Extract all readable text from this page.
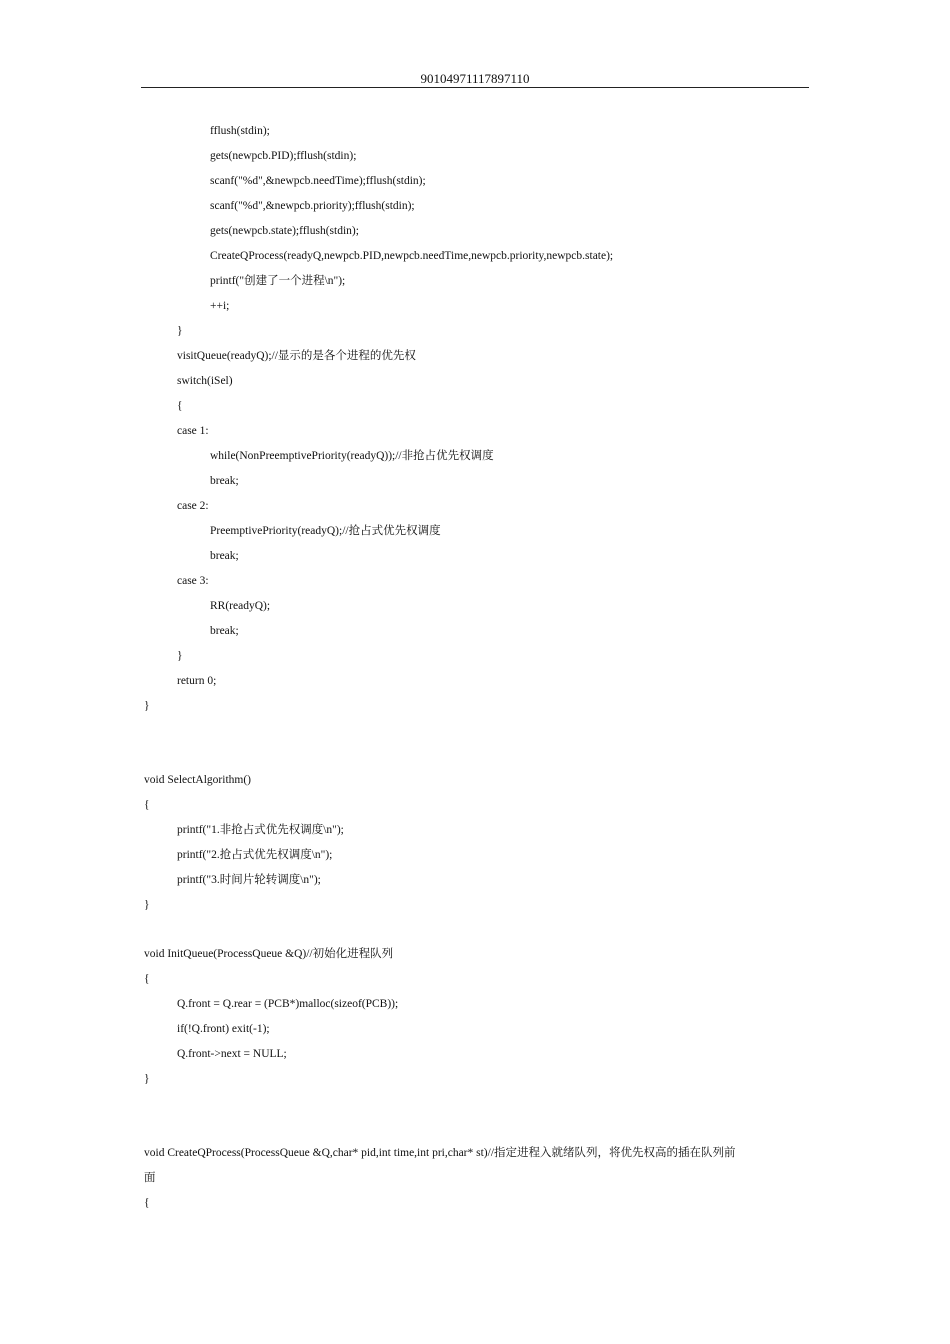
90104971117897110
fflush(stdin);
gets(newpcb.PID);fflush(stdin);
scanf("%d",&newpcb.needTime);fflush(stdin);
scanf("%d",&newpcb.priority);fflush(stdin);
gets(newpcb.state);fflush(stdin);
CreateQProcess(readyQ,newpcb.PID,newpcb.needTime,newpcb.priority,newpcb.state);
printf("创建了一个进程\n");
++i;
}
visitQueue(readyQ);//显示的是各个进程的优先权
switch(iSel)
{
case 1:
while(NonPreemptivePriority(readyQ));//非抢占优先权调度
break;
case 2:
PreemptivePriority(readyQ);//抢占式优先权调度
break;
case 3:
RR(readyQ);
break;
}
return 0;
}
void SelectAlgorithm()
{
printf("1.非抢占式优先权调度\n");
printf("2.抢占式优先权调度\n");
printf("3.时间片轮转调度\n");
}
void InitQueue(ProcessQueue &Q)//初始化进程队列
{
Q.front = Q.rear = (PCB*)malloc(sizeof(PCB));
if(!Q.front) exit(-1);
Q.front->next = NULL;
}
void CreateQProcess(ProcessQueue &Q,char* pid,int time,int pri,char* st)//指定进程入就绪队列，将优先权高的插在队列前
面
{
